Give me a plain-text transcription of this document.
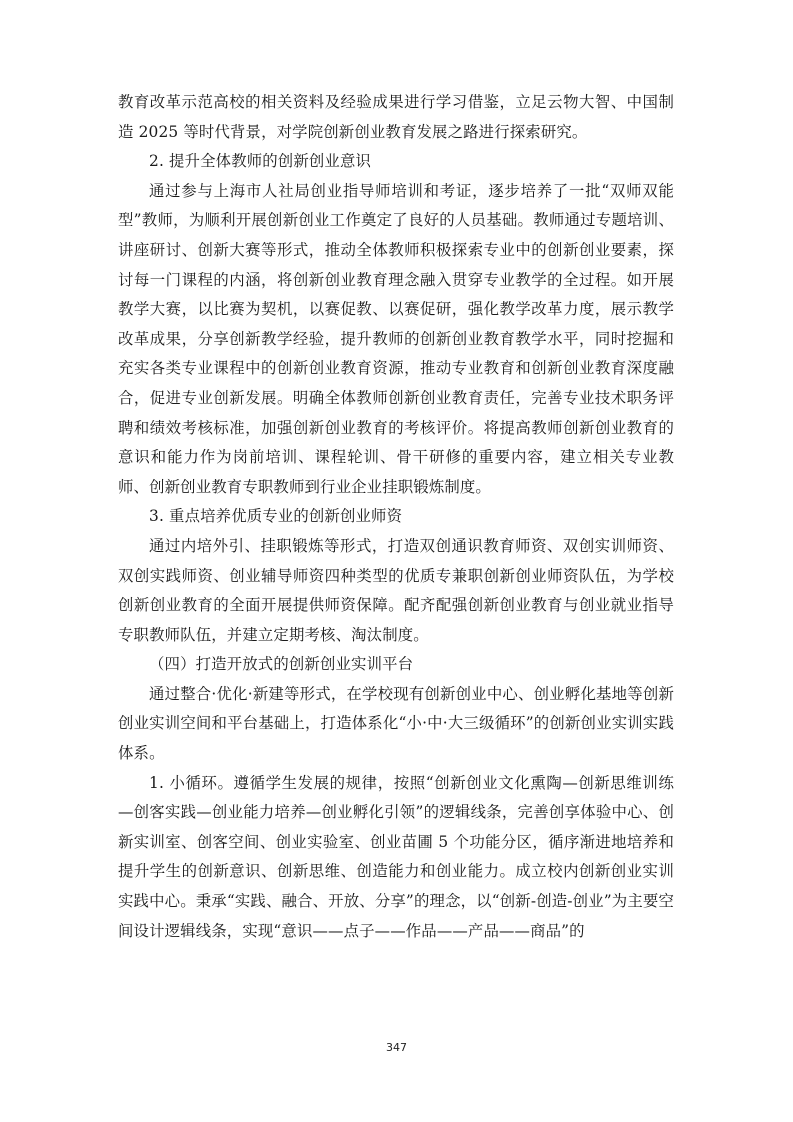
教育改革示范高校的相关资料及经验成果进行学习借鉴，立足云物大智、中国制造 2025 等时代背景，对学院创新创业教育发展之路进行探索研究。

2. 提升全体教师的创新创业意识

通过参与上海市人社局创业指导师培训和考证，逐步培养了一批“双师双能型”教师，为顺利开展创新创业工作奠定了良好的人员基础。教师通过专题培训、讲座研讨、创新大赛等形式，推动全体教师积极探索专业中的创新创业要素，探讨每一门课程的内涵，将创新创业教育理念融入贯穿专业教学的全过程。如开展教学大赛，以比赛为契机，以赛促教、以赛促研，强化教学改革力度，展示教学改革成果，分享创新教学经验，提升教师的创新创业教育教学水平，同时挖掘和充实各类专业课程中的创新创业教育资源，推动专业教育和创新创业教育深度融合，促进专业创新发展。明确全体教师创新创业教育责任，完善专业技术职务评聘和绩效考核标准，加强创新创业教育的考核评价。将提高教师创新创业教育的意识和能力作为岗前培训、课程轮训、骨干研修的重要内容，建立相关专业教师、创新创业教育专职教师到行业企业挂职锻炼制度。

3. 重点培养优质专业的创新创业师资

通过内培外引、挂职锻炼等形式，打造双创通识教育师资、双创实训师资、双创实践师资、创业辅导师资四种类型的优质专兼职创新创业师资队伍，为学校创新创业教育的全面开展提供师资保障。配齐配强创新创业教育与创业就业指导专职教师队伍，并建立定期考核、淘汰制度。

（四）打造开放式的创新创业实训平台

通过整合·优化·新建等形式，在学校现有创新创业中心、创业孵化基地等创新创业实训空间和平台基础上，打造体系化“小·中·大三级循环”的创新创业实训实践体系。

1. 小循环。遵循学生发展的规律，按照“创新创业文化熏陶—创新思维训练—创客实践—创业能力培养—创业孵化引领”的逻辑线条，完善创享体验中心、创新实训室、创客空间、创业实验室、创业苗圃 5 个功能分区，循序渐进地培养和提升学生的创新意识、创新思维、创造能力和创业能力。成立校内创新创业实训实践中心。秉承“实践、融合、开放、分享”的理念，以“创新-创造-创业”为主要空间设计逻辑线条，实现“意识——点子——作品——产品——商品”的

347
